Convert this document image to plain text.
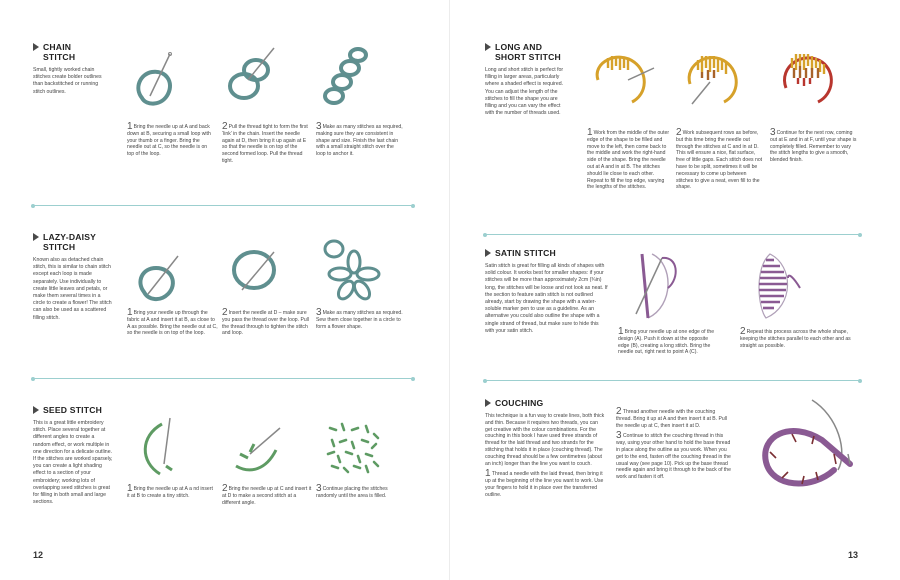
CHAIN STITCH
Small, tightly worked chain stitches create bolder outlines than backstitched or running stitch outlines.
1Bring the needle up at A and back down at B, securing a small loop with your thumb or a finger. Bring the needle out at C, so the needle is on top of the loop.
2Pull the thread tight to form the first ‘link’ in the chain. Insert the needle again at D, then bring it up again at E so that the needle is on top of the second formed loop. Pull the thread tight.
3Make as many stitches as required, making sure they are consistent in shape and size. Finish the last chain with a small straight stitch over the loop to anchor it.
LAZY-DAISY
STITCH
Known also as detached chain stitch, this is similar to chain stitch except each loop is made separately. Use individually to create little leaves and petals, or make them several times in a circle to create a flower! The stitch can also be used as a scattered filling stitch.	1Bring your needle up through the fabric at A and insert it at B, as close to A as possible. Bring the needle out at C, so the needle is on top of the loop.
2Insert the needle at D – make sure you pass the thread over the loop. Pull the thread through to tighten the stitch and loop.
3Make as many stitches as required. Sew them close together in a circle to form a flower shape.
SEED STITCH
This is a great little embroidery stitch. Place several together at different angles to create a random effect, or work multiple in one direction for a delicate outline. If the stitches are worked sparsely, you can create a light shading effect to a section of your embroidery; working lots of overlapping seed stitches is great for filling in both small and large sections.
1Bring the needle up at A a nd insert it at B to create a tiny stitch.
2Bring the needle up at C and insert it at D to make a second stitch at a different angle.
3Continue placing the stitches randomly until the area is filled.
12
LONG AND
SHORT STITCH
Long and short stitch is perfect for filling in larger areas, particularly where a shaded effect is required. You can adjust the length of the stitches to fill the shape you are filling and you can vary the effect with the number of threads used.
1Work from the middle of the outer edge of the shape to be filled and move to the left, then come back to the middle and work the right-hand side of the shape. Bring the needle out at A and in at B. The stitches should lie close to each other. Repeat to fill the top edge, varying the lengths of the stitches.
2Work subsequent rows as before, but this time bring the needle out through the stitches at C and in at D. This will ensure a nice, flat surface, free of little gaps. Each stitch does not have to be split, sometimes it will be necessary to come up between stitches to give a neat, even fill to the shape.
3Continue for the next row, coming out at E and in at F, until your shape is completely filled. Remember to vary the stitch lengths to give a smooth, blended finish.
SATIN STITCH
Satin stitch is great for filling all kinds of shapes with solid colour. It works best for smaller shapes: if your stitches will be more than approximately 2cm (¾in) long, the stitches will be loose and not look as neat. If the section to feature satin stitch is not outlined already, start by drawing the shape with a water-soluble marker pen to use as a guideline. As an alternative you could also outline the shape with a single strand of thread, but make sure to hide this with your satin stitch.	1Bring your needle up at one edge of the design (A). Push it down at the opposite edge (B), creating a long stitch. Bring the needle out, right next to point A (C).
2Repeat this process across the whole shape, keeping the stitches parallel to each other and as straight as possible.
COUCHING

This technique is a fun way to create lines, both thick and thin. Because it requires two threads, you can get creative with the colour combinations. For the couching in this book I have used three strands of thread for the laid thread and two strands for the stitching that holds it in place (couching thread). The couching thread should be a few centimetres (about an inch) longer than the line you want to couch.

1 Thread a needle with the laid thread, then bring it up at the beginning of the line you want to work. Use your fingers to hold it in place over the transferred outline.

2 Thread another needle with the couching thread. Bring it up at A and then insert it at B. Pull the needle up at C, then insert it at D.

3 Continue to stitch the couching thread in this way, using your other hand to hold the base thread in place along the outline as you work. When you get to the end, fasten off the couching thread in the usual way (see page 10). Pick up the base thread needle again and bring it through to the back of the work and fasten it off.

13
